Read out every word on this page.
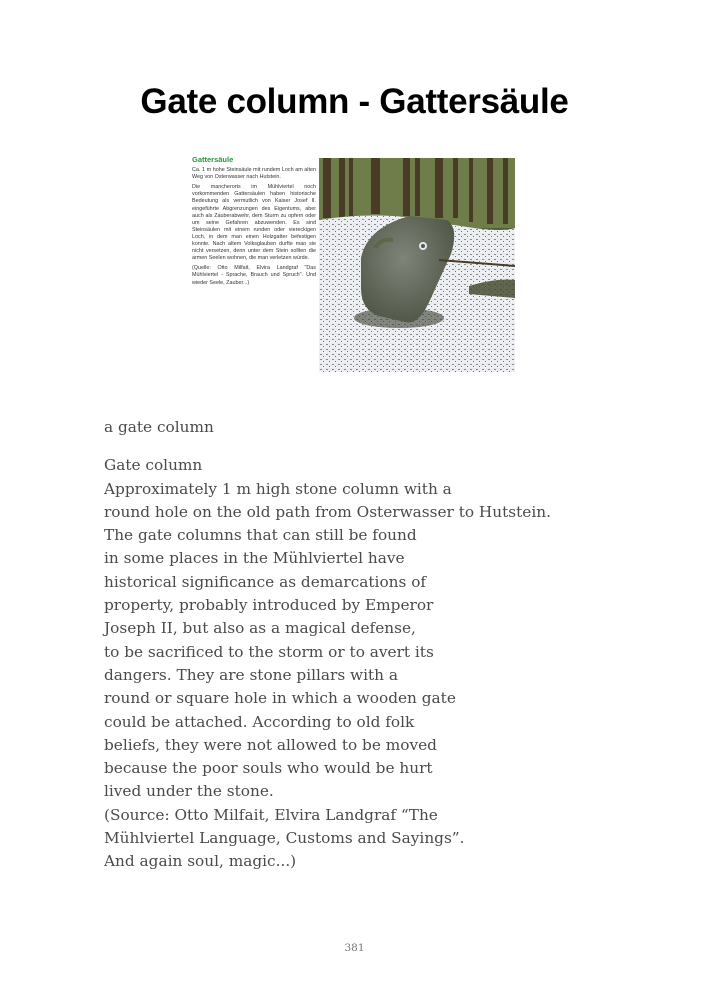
Gate column - Gattersäule
Gattersäule

Ca. 1 m hohe Steinsäule mit rundem Loch am alten Weg von Osterwasser nach Hutstein.

Die mancherorts im Mühlviertel noch vorkommenden Gattersäulen haben historische Bedeutung als vermutlich von Kaiser Josef II. eingeführte Abgrenzungen des Eigentums, aber auch als Zauberabwehr, dem Sturm zu opfern oder um seine Gefahren abzuwenden. Es sind Steinsäulen mit einem runden oder viereckigen Loch, in dem man einen Holzgatter befestigen konnte. Nach altem Volksglauben durfte man sie nicht versetzen, denn unter dem Stein sollten die armen Seelen wohnen, die man verletzen würde.

(Quelle: Otto Milfait, Elvira Landgraf "Das Mühlviertel - Sprache, Brauch und Spruch". Und wieder Seele, Zauber...)

a gate column

Gate column
Approximately 1 m high stone column with a
round hole on the old path from Osterwasser to Hutstein.
The gate columns that can still be found
in some places in the Mühlviertel have
historical significance as demarcations of
property, probably introduced by Emperor
Joseph II, but also as a magical defense,
to be sacrificed to the storm or to avert its
dangers. They are stone pillars with a
round or square hole in which a wooden gate
could be attached. According to old folk
beliefs, they were not allowed to be moved
because the poor souls who would be hurt
lived under the stone.
(Source: Otto Milfait, Elvira Landgraf “The
Mühlviertel Language, Customs and Sayings”.
And again soul, magic...)

381
